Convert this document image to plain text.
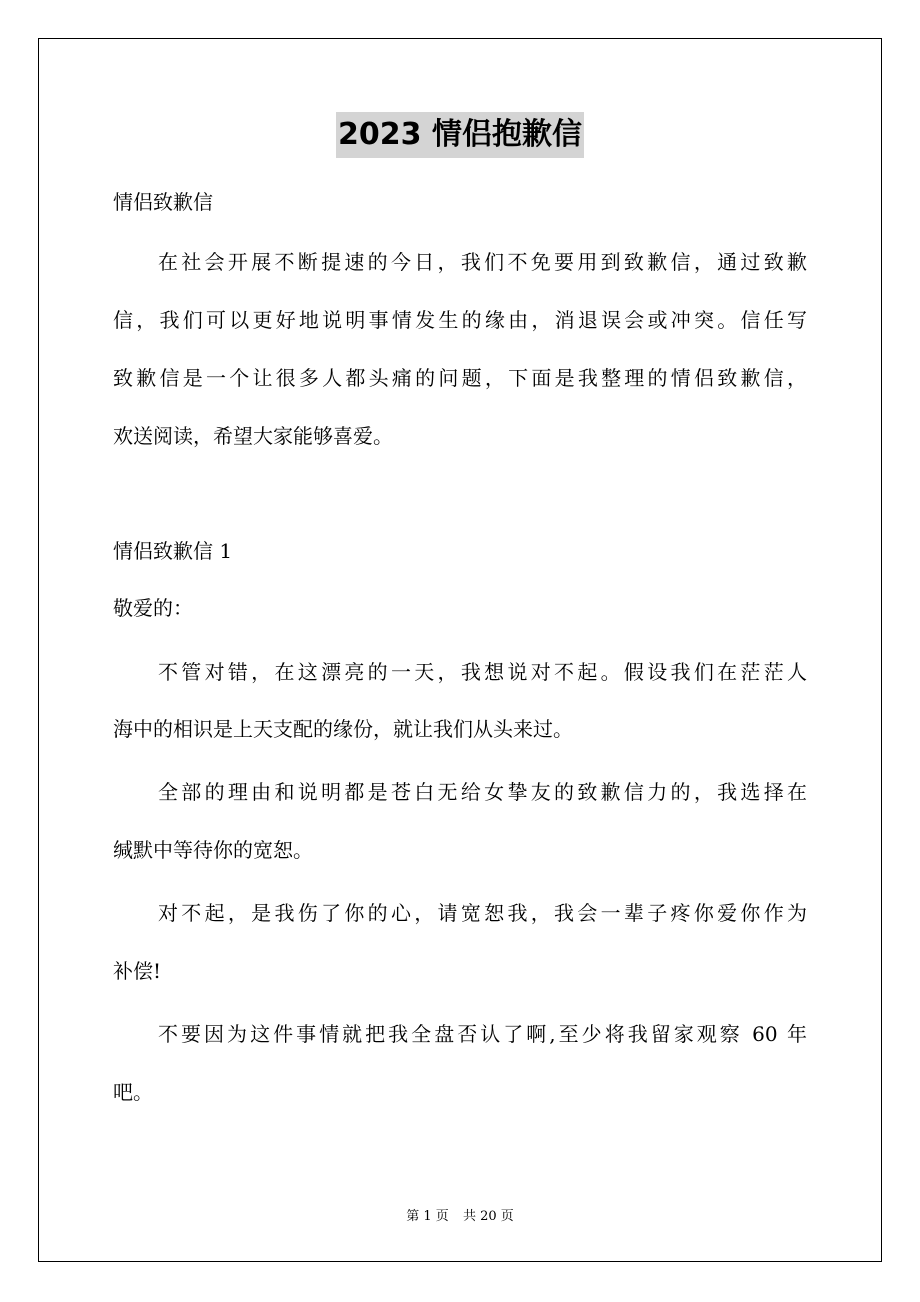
2023 情侣抱歉信
情侣致歉信
在社会开展不断提速的今日，我们不免要用到致歉信，通过致歉
信，我们可以更好地说明事情发生的缘由，消退误会或冲突。信任写
致歉信是一个让很多人都头痛的问题，下面是我整理的情侣致歉信，
欢送阅读，希望大家能够喜爱。
情侣致歉信 1
敬爱的：
不管对错，在这漂亮的一天，我想说对不起。假设我们在茫茫人
海中的相识是上天支配的缘份，就让我们从头来过。
全部的理由和说明都是苍白无给女挚友的致歉信力的，我选择在
缄默中等待你的宽恕。
对不起，是我伤了你的心，请宽恕我，我会一辈子疼你爱你作为
补偿!
不要因为这件事情就把我全盘否认了啊,至少将我留家观察 60 年
吧。
第 1 页 共 20 页
